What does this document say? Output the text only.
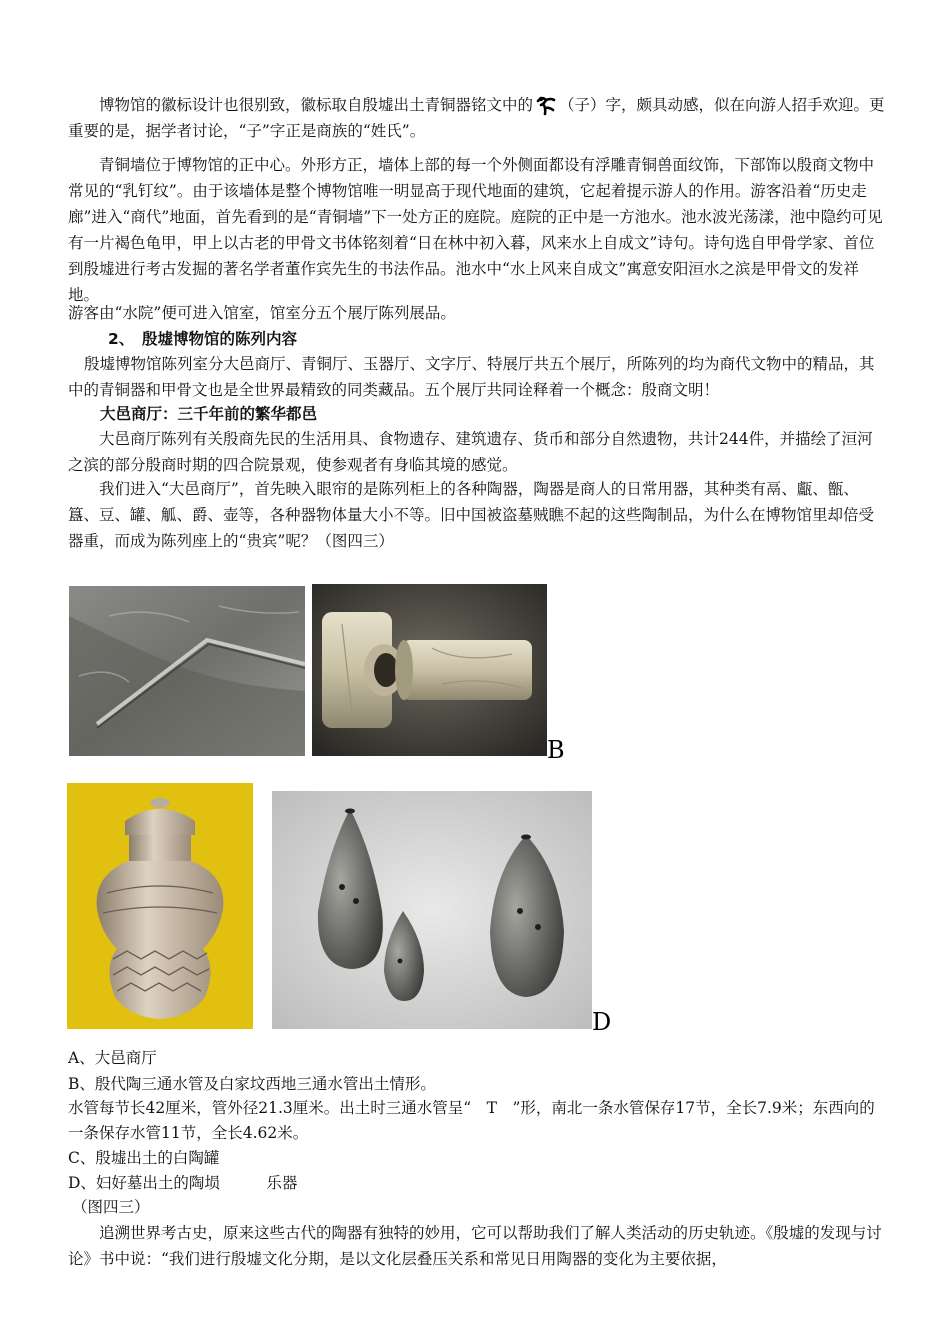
博物馆的徽标设计也很别致，徽标取自殷墟出土青铜器铭文中的 （子）字，颇具动感，似在向游人招手欢迎。更重要的是，据学者讨论，“子”字正是商族的“姓氏”。

青铜墙位于博物馆的正中心。外形方正，墙体上部的每一个外侧面都设有浮雕青铜兽面纹饰，下部饰以殷商文物中常见的“乳钉纹”。由于该墙体是整个博物馆唯一明显高于现代地面的建筑，它起着提示游人的作用。游客沿着“历史走廊”进入“商代”地面，首先看到的是“青铜墙”下一处方正的庭院。庭院的正中是一方池水。池水波光荡漾，池中隐约可见有一片褐色龟甲，甲上以古老的甲骨文书体铭刻着“日在林中初入暮，风来水上自成文”诗句。诗句选自甲骨学家、首位到殷墟进行考古发掘的著名学者董作宾先生的书法作品。池水中“水上风来自成文”寓意安阳洹水之滨是甲骨文的发祥地。

游客由“水院”便可进入馆室，馆室分五个展厅陈列展品。

2、　殷墟博物馆的陈列内容

殷墟博物馆陈列室分大邑商厅、青铜厅、玉器厅、文字厅、特展厅共五个展厅，所陈列的均为商代文物中的精品，其中的青铜器和甲骨文也是全世界最精致的同类藏品。五个展厅共同诠释着一个概念：殷商文明！

大邑商厅：三千年前的繁华都邑

大邑商厅陈列有关殷商先民的生活用具、食物遗存、建筑遗存、货币和部分自然遗物，共计244件，并描绘了洹河之滨的部分殷商时期的四合院景观，使参观者有身临其境的感觉。

我们进入“大邑商厅”，首先映入眼帘的是陈列柜上的各种陶器，陶器是商人的日常用器，其种类有鬲、甗、甑、簋、豆、罐、觚、爵、壶等，各种器物体量大小不等。旧中国被盗墓贼瞧不起的这些陶制品，为什么在博物馆里却倍受器重，而成为陈列座上的“贵宾”呢？（图四三）

B
D
A、大邑商厅
B、殷代陶三通水管及白家坟西地三通水管出土情形。

水管每节长42厘米，管外径21.3厘米。出土时三通水管呈“　T　”形，南北一条水管保存17节，全长7.9米；东西向的一条保存水管11节，全长4.62米。

C、殷墟出土的白陶罐
D、妇好墓出土的陶埙　　　乐器
（图四三）

追溯世界考古史，原来这些古代的陶器有独特的妙用，它可以帮助我们了解人类活动的历史轨迹。《殷墟的发现与讨论》书中说：“我们进行殷墟文化分期，是以文化层叠压关系和常见日用陶器的变化为主要依据，
